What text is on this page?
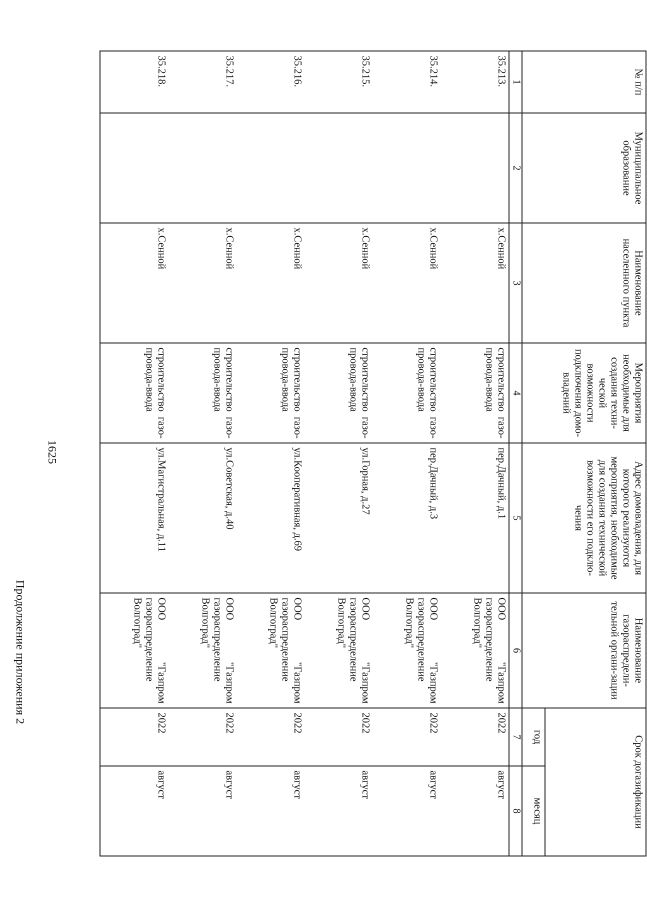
1625
Продолжение приложения 2
№ п/п	Муниципальное образование	Наименование населенного пункта	Мероприятия необходимые для создания техни-ческой возможности подключения домо-владений	Адрес домовладения, для которого реализуются мероприятия, необходимые для создания технической возможности его подклю-чения	Наименование газораспредели-тельной органи-зации	Срок догазификации	
						год	месяц
1	2	3	4	5	6	7	8
35.213.		х.Сенной	строительство газо-провода-ввода	пер.Дачный, д.1	ООО "Газпром газораспределение Волгоград"	2022	август
35.214.		х.Сенной	строительство газо-провода-ввода	пер.Дачный, д.3	ООО "Газпром газораспределение Волгоград"	2022	август
35.215.		х.Сенной	строительство газо-провода-ввода	ул.Горная, д.27	ООО "Газпром газораспределение Волгоград"	2022	август
35.216.		х.Сенной	строительство газо-провода-ввода	ул.Кооперативная, д.69	ООО "Газпром газораспределение Волгоград"	2022	август
35.217.		х.Сенной	строительство газо-провода-ввода	ул.Советская, д.40	ООО "Газпром газораспределение Волгоград"	2022	август
35.218.		х.Сенной	строительство газо-провода-ввода	ул.Магистральная, д.11	ООО "Газпром газораспределение Волгоград"	2022	август
